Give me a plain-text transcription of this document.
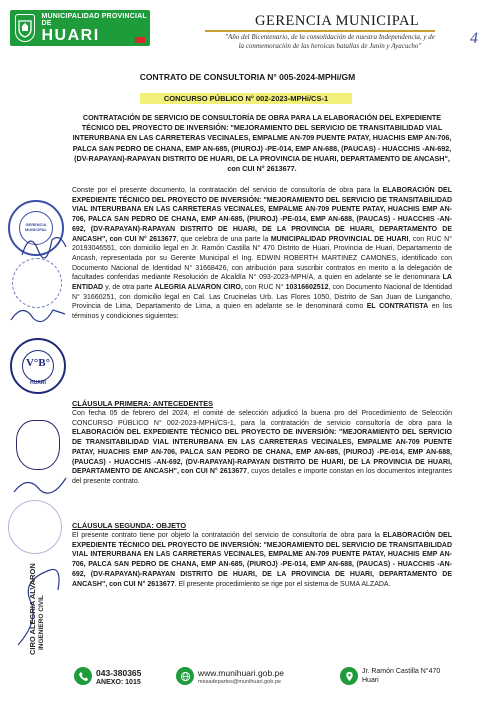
MUNICIPALIDAD PROVINCIAL DE
HUARI
GERENCIA MUNICIPAL
"Año del Bicentenario, de la consolidación de nuestra Independencia, y de
la conmemoración de las heroicas batallas de Junín y Ayacucho"	4
CONTRATO DE CONSULTORIA N° 005-2024-MPHi/GM
CONCURSO PÚBLICO N° 002-2023-MPHi/CS-1
CONTRATACIÓN DE SERVICIO DE CONSULTORÍA DE OBRA PARA LA ELABORACIÓN DEL EXPEDIENTE TÉCNICO DEL PROYECTO DE INVERSIÓN: "MEJORAMIENTO DEL SERVICIO DE TRANSITABILIDAD VIAL INTERURBANA EN LAS CARRETERAS VECINALES, EMPALME AN-709 PUENTE PATAY, HUACHIS EMP AN-706, PALCA SAN PEDRO DE CHANA, EMP AN-685, (PIUROJ) -PE-014, EMP AN-688, (PAUCAS) - HUACCHIS -AN-692, (DV-RAPAYAN)-RAPAYAN DISTRITO DE HUARI, DE LA PROVINCIA DE HUARI, DEPARTAMENTO DE ANCASH", con CUI N° 2613677.
Conste por el presente documento, la contratación del servicio de consultoría de obra para la ELABORACIÓN DEL EXPEDIENTE TÉCNICO DEL PROYECTO DE INVERSIÓN: "MEJORAMIENTO DEL SERVICIO DE TRANSITABILIDAD VIAL INTERURBANA EN LAS CARRETERAS VECINALES, EMPALME AN-709 PUENTE PATAY, HUACHIS EMP AN-706, PALCA SAN PEDRO DE CHANA, EMP AN-685, (PIUROJ) -PE-014, EMP AN-688, (PAUCAS) - HUACCHIS -AN-692, (DV-RAPAYAN)-RAPAYAN DISTRITO DE HUARI, DE LA PROVINCIA DE HUARI, DEPARTAMENTO DE ANCASH", con CUI N° 2613677, que celebra de una parte la MUNICIPALIDAD PROVINCIAL DE HUARI, con RUC N° 20193046551, con domicilio legal en Jr. Ramón Castilla N° 470 Distrito de Huari, Provincia de Huari, Departamento de Ancash, representada por su Gerente Municipal el Ing. EDWIN ROBERTH MARTINEZ CAMONES, identificado con Documento Nacional de Identidad N° 31668426, con atribución para suscribir contratos en merito a la delegación de facultades conferidas mediante Resolución de Alcaldía N° 093-2023-MPH/A, a quien en adelante se le denominara LA ENTIDAD y, de otra parte ALEGRIA ALVARON CIRO, con RUC N° 10316602512, con Documento Nacional de Identidad N° 31660251, con domicilio legal en Cal. Las Crucinelas Urb. Las Flores 1050, Distrito de San Juan de Lurigancho, Provincia de Lima, Departamento de Lima, a quien en adelante se le denominará como EL CONTRATISTA en los términos y condiciones siguientes:
CLÁUSULA PRIMERA: ANTECEDENTES
Con fecha 05 de febrero del 2024, el comité de selección adjudicó la buena pro del Procedimiento de Selección CONCURSO PÚBLICO N° 002-2023-MPHi/CS-1, para la contratación de servicio consultoría de obra para la ELABORACIÓN DEL EXPEDIENTE TÉCNICO DEL PROYECTO DE INVERSIÓN: "MEJORAMIENTO DEL SERVICIO DE TRANSITABILIDAD VIAL INTERURBANA EN LAS CARRETERAS VECINALES, EMPALME AN-709 PUENTE PATAY, HUACHIS EMP AN-706, PALCA SAN PEDRO DE CHANA, EMP AN-685, (PIUROJ) -PE-014, EMP AN-688, (PAUCAS) - HUACCHIS -AN-692, (DV-RAPAYAN)-RAPAYAN DISTRITO DE HUARI, DE LA PROVINCIA DE HUARI, DEPARTAMENTO DE ANCASH", con CUI N° 2613677, cuyos detalles e importe constan en los documentos integrantes del presente contrato.
CLÁUSULA SEGUNDA: OBJETO
El presente contrato tiene por objeto la contratación del servicio de consultoría de obra para la ELABORACIÓN DEL EXPEDIENTE TÉCNICO DEL PROYECTO DE INVERSIÓN: "MEJORAMIENTO DEL SERVICIO DE TRANSITABILIDAD VIAL INTERURBANA EN LAS CARRETERAS VECINALES, EMPALME AN-709 PUENTE PATAY, HUACHIS EMP AN-706, PALCA SAN PEDRO DE CHANA, EMP AN-685, (PIUROJ) -PE-014, EMP AN-688, (PAUCAS) - HUACCHIS -AN-692, (DV-RAPAYAN)-RAPAYAN DISTRITO DE HUARI, DE LA PROVINCIA DE HUARI, DEPARTAMENTO DE ANCASH", con CUI N° 2613677. El presente procedimiento se rige por el sistema de SUMA ALZADA.
GERENCIA MUNICIPAL
V°B°
HUARI
CIRO ALEGRIA ALVARON INGENIERO CIVIL
043-380365
ANEXO: 1015
www.munihuari.gob.pe
mesadepartes@munihuari.gob.pe
Jr. Ramón Castilla N°470
Huari
